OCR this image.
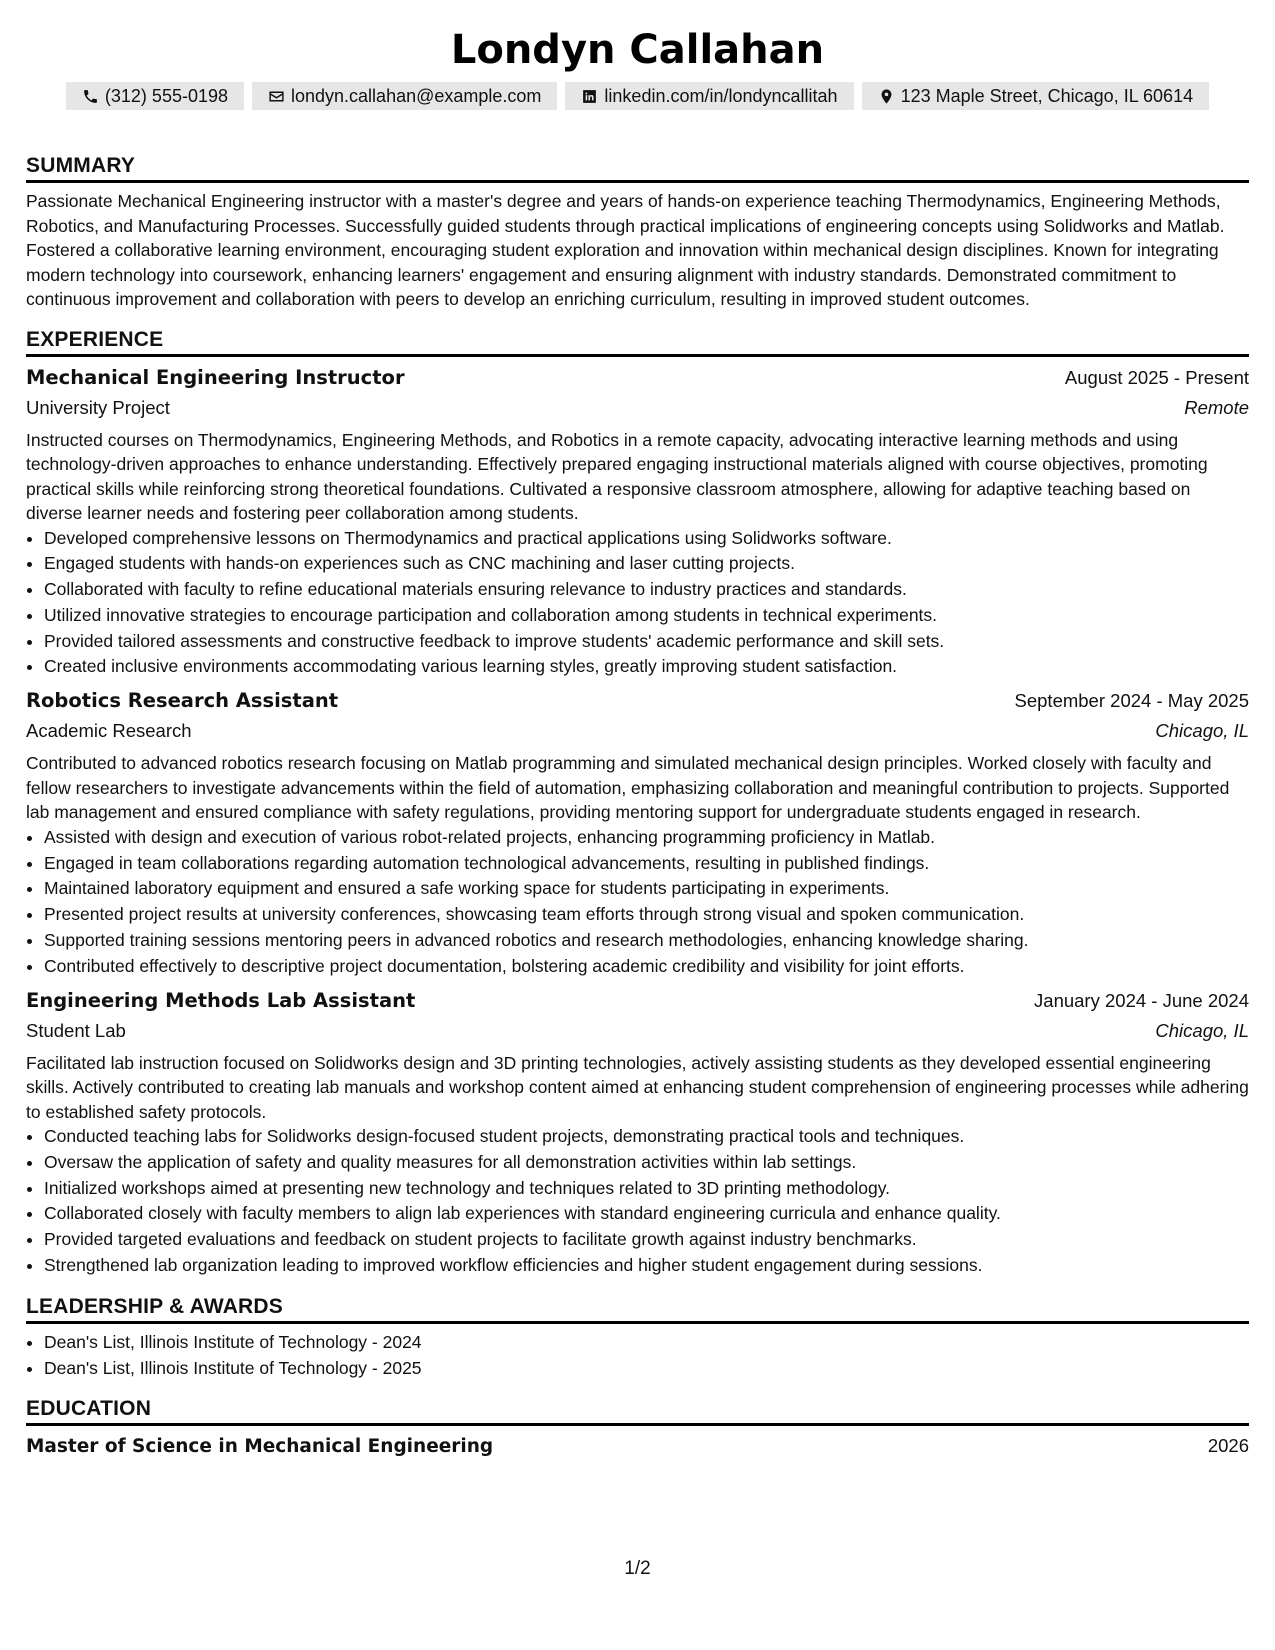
Londyn Callahan
(312) 555-0198	londyn.callahan@example.com	linkedin.com/in/londyncallitah	123 Maple Street, Chicago, IL 60614
SUMMARY

Passionate Mechanical Engineering instructor with a master's degree and years of hands-on experience teaching Thermodynamics, Engineering Methods, Robotics, and Manufacturing Processes. Successfully guided students through practical implications of engineering concepts using Solidworks and Matlab. Fostered a collaborative learning environment, encouraging student exploration and innovation within mechanical design disciplines. Known for integrating modern technology into coursework, enhancing learners' engagement and ensuring alignment with industry standards. Demonstrated commitment to continuous improvement and collaboration with peers to develop an enriching curriculum, resulting in improved student outcomes.

EXPERIENCE
Mechanical Engineering Instructor	August 2025 - Present
University Project	Remote

Instructed courses on Thermodynamics, Engineering Methods, and Robotics in a remote capacity, advocating interactive learning methods and using technology-driven approaches to enhance understanding. Effectively prepared engaging instructional materials aligned with course objectives, promoting practical skills while reinforcing strong theoretical foundations. Cultivated a responsive classroom atmosphere, allowing for adaptive teaching based on diverse learner needs and fostering peer collaboration among students.

• Developed comprehensive lessons on Thermodynamics and practical applications using Solidworks software.
• Engaged students with hands-on experiences such as CNC machining and laser cutting projects.
• Collaborated with faculty to refine educational materials ensuring relevance to industry practices and standards.
• Utilized innovative strategies to encourage participation and collaboration among students in technical experiments.
• Provided tailored assessments and constructive feedback to improve students' academic performance and skill sets.
• Created inclusive environments accommodating various learning styles, greatly improving student satisfaction.
Robotics Research Assistant	September 2024 - May 2025
Academic Research	Chicago, IL

Contributed to advanced robotics research focusing on Matlab programming and simulated mechanical design principles. Worked closely with faculty and fellow researchers to investigate advancements within the field of automation, emphasizing collaboration and meaningful contribution to projects. Supported lab management and ensured compliance with safety regulations, providing mentoring support for undergraduate students engaged in research.

• Assisted with design and execution of various robot-related projects, enhancing programming proficiency in Matlab.
• Engaged in team collaborations regarding automation technological advancements, resulting in published findings.
• Maintained laboratory equipment and ensured a safe working space for students participating in experiments.
• Presented project results at university conferences, showcasing team efforts through strong visual and spoken communication.
• Supported training sessions mentoring peers in advanced robotics and research methodologies, enhancing knowledge sharing.
• Contributed effectively to descriptive project documentation, bolstering academic credibility and visibility for joint efforts.
Engineering Methods Lab Assistant	January 2024 - June 2024
Student Lab	Chicago, IL

Facilitated lab instruction focused on Solidworks design and 3D printing technologies, actively assisting students as they developed essential engineering skills. Actively contributed to creating lab manuals and workshop content aimed at enhancing student comprehension of engineering processes while adhering to established safety protocols.

• Conducted teaching labs for Solidworks design-focused student projects, demonstrating practical tools and techniques.
• Oversaw the application of safety and quality measures for all demonstration activities within lab settings.
• Initialized workshops aimed at presenting new technology and techniques related to 3D printing methodology.
• Collaborated closely with faculty members to align lab experiences with standard engineering curricula and enhance quality.
• Provided targeted evaluations and feedback on student projects to facilitate growth against industry benchmarks.
• Strengthened lab organization leading to improved workflow efficiencies and higher student engagement during sessions.
LEADERSHIP & AWARDS
• Dean's List, Illinois Institute of Technology - 2024
• Dean's List, Illinois Institute of Technology - 2025
EDUCATION
Master of Science in Mechanical Engineering	2026
1/2
